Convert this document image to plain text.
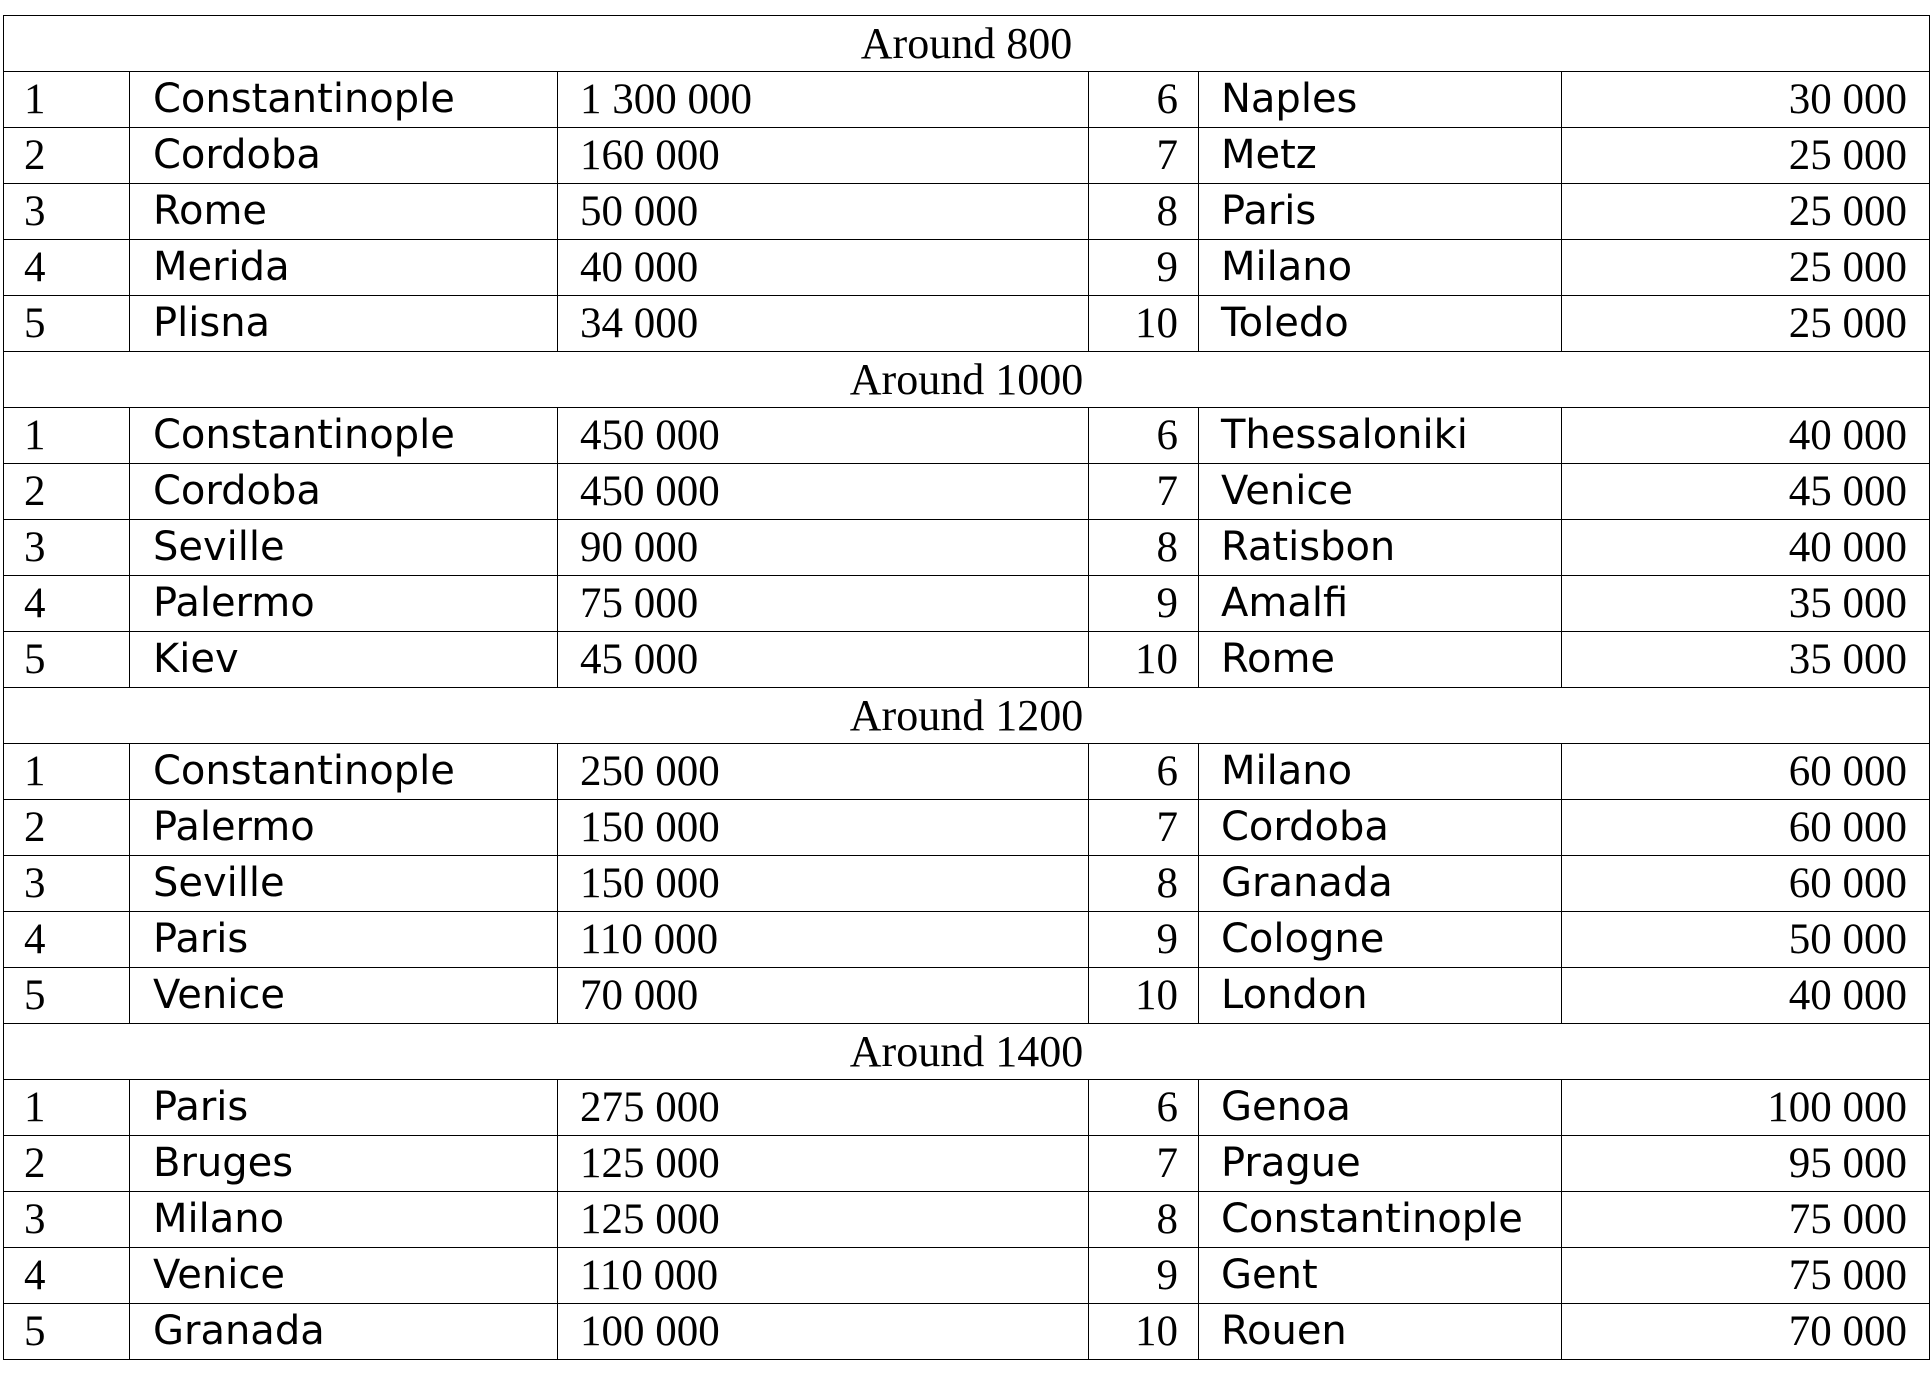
Around 800					
1	Constantinople	1 300 000	6	Naples	30 000
2	Cordoba	160 000	7	Metz	25 000
3	Rome	50 000	8	Paris	25 000
4	Merida	40 000	9	Milano	25 000
5	Plisna	34 000	10	Toledo	25 000
Around 1000					
1	Constantinople	450 000	6	Thessaloniki	40 000
2	Cordoba	450 000	7	Venice	45 000
3	Seville	90 000	8	Ratisbon	40 000
4	Palermo	75 000	9	Amalfi	35 000
5	Kiev	45 000	10	Rome	35 000
Around 1200					
1	Constantinople	250 000	6	Milano	60 000
2	Palermo	150 000	7	Cordoba	60 000
3	Seville	150 000	8	Granada	60 000
4	Paris	110 000	9	Cologne	50 000
5	Venice	70 000	10	London	40 000
Around 1400					
1	Paris	275 000	6	Genoa	100 000
2	Bruges	125 000	7	Prague	95 000
3	Milano	125 000	8	Constantinople	75 000
4	Venice	110 000	9	Gent	75 000
5	Granada	100 000	10	Rouen	70 000
